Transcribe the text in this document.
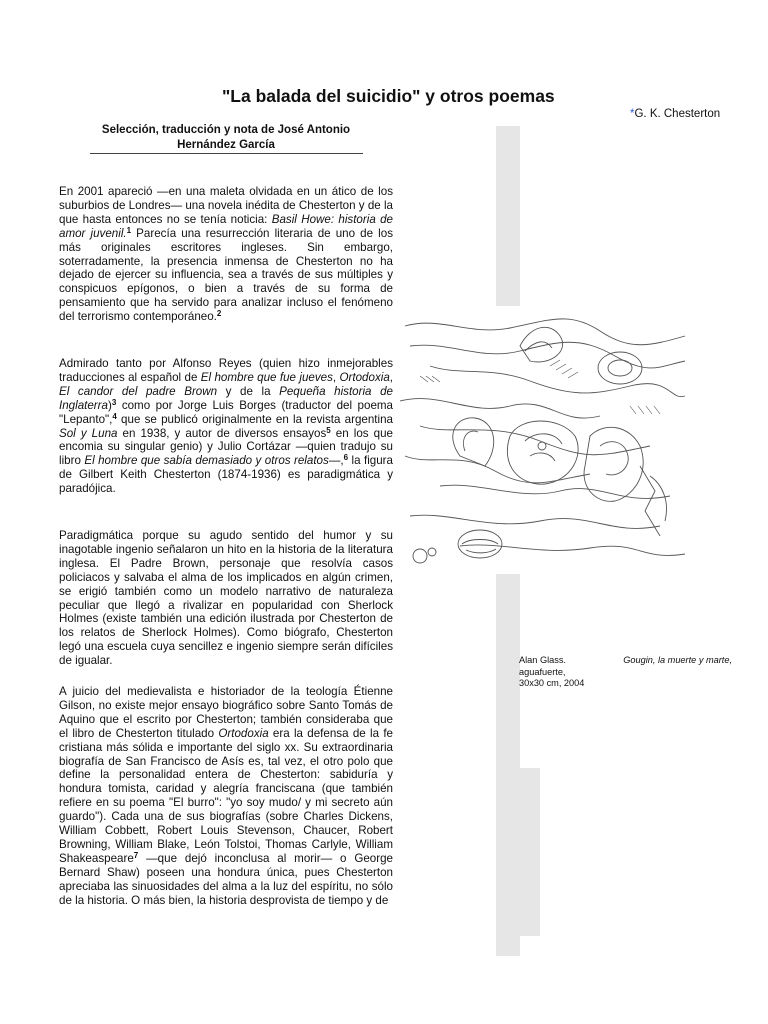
"La balada del suicidio" y otros poemas
*G. K. Chesterton
Selección, traducción y nota de José Antonio
Hernández García

En 2001 apareció —en una maleta olvidada en un ático de los suburbios de Londres— una novela inédita de Chesterton y de la que hasta entonces no se tenía noticia: Basil Howe: historia de amor juvenil.$^1$ Parecía una resurrección literaria de uno de los más originales escritores ingleses. Sin embargo, soterradamente, la presencia inmensa de Chesterton no ha dejado de ejercer su influencia, sea a través de sus múltiples y conspicuos epígonos, o bien a través de su forma de pensamiento que ha servido para analizar incluso el fenómeno del terrorismo contemporáneo.$^2$

Admirado tanto por Alfonso Reyes (quien hizo inmejorables traducciones al español de El hombre que fue jueves, Ortodoxia, El candor del padre Brown y de la Pequeña historia de Inglaterra)$^3$ como por Jorge Luis Borges (traductor del poema "Lepanto",$^4$ que se publicó originalmente en la revista argentina Sol y Luna en 1938, y autor de diversos ensayos$^5$ en los que encomia su singular genio) y Julio Cortázar —quien tradujo su libro El hombre que sabía demasiado y otros relatos—,$^6$ la figura de Gilbert Keith Chesterton (1874-1936) es paradigmática y paradójica.

Paradigmática porque su agudo sentido del humor y su inagotable ingenio señalaron un hito en la historia de la literatura inglesa. El Padre Brown, personaje que resolvía casos policiacos y salvaba el alma de los implicados en algún crimen, se erigió también como un modelo narrativo de naturaleza peculiar que llegó a rivalizar en popularidad con Sherlock Holmes (existe también una edición ilustrada por Chesterton de los relatos de Sherlock Holmes). Como biógrafo, Chesterton legó una escuela cuya sencillez e ingenio siempre serán difíciles de igualar.

A juicio del medievalista e historiador de la teología Étienne Gilson, no existe mejor ensayo biográfico sobre Santo Tomás de Aquino que el escrito por Chesterton; también consideraba que el libro de Chesterton titulado Ortodoxia era la defensa de la fe cristiana más sólida e importante del siglo xx. Su extraordinaria biografía de San Francisco de Asís es, tal vez, el otro polo que define la personalidad entera de Chesterton: sabiduría y hondura tomista, caridad y alegría franciscana (que también refiere en su poema "El burro": "yo soy mudo/ y mi secreto aún guardo"). Cada una de sus biografías (sobre Charles Dickens, William Cobbett, Robert Louis Stevenson, Chaucer, Robert Browning, William Blake, León Tolstoi, Thomas Carlyle, William Shakeaspeare$^7$ —que dejó inconclusa al morir— o George Bernard Shaw) poseen una hondura única, pues Chesterton apreciaba las sinuosidades del alma a la luz del espíritu, no sólo de la historia. O más bien, la historia desprovista de tiempo y de

Alan Glass.	Gougin, la muerte y marte,
aguafuerte,
30x30 cm, 2004
